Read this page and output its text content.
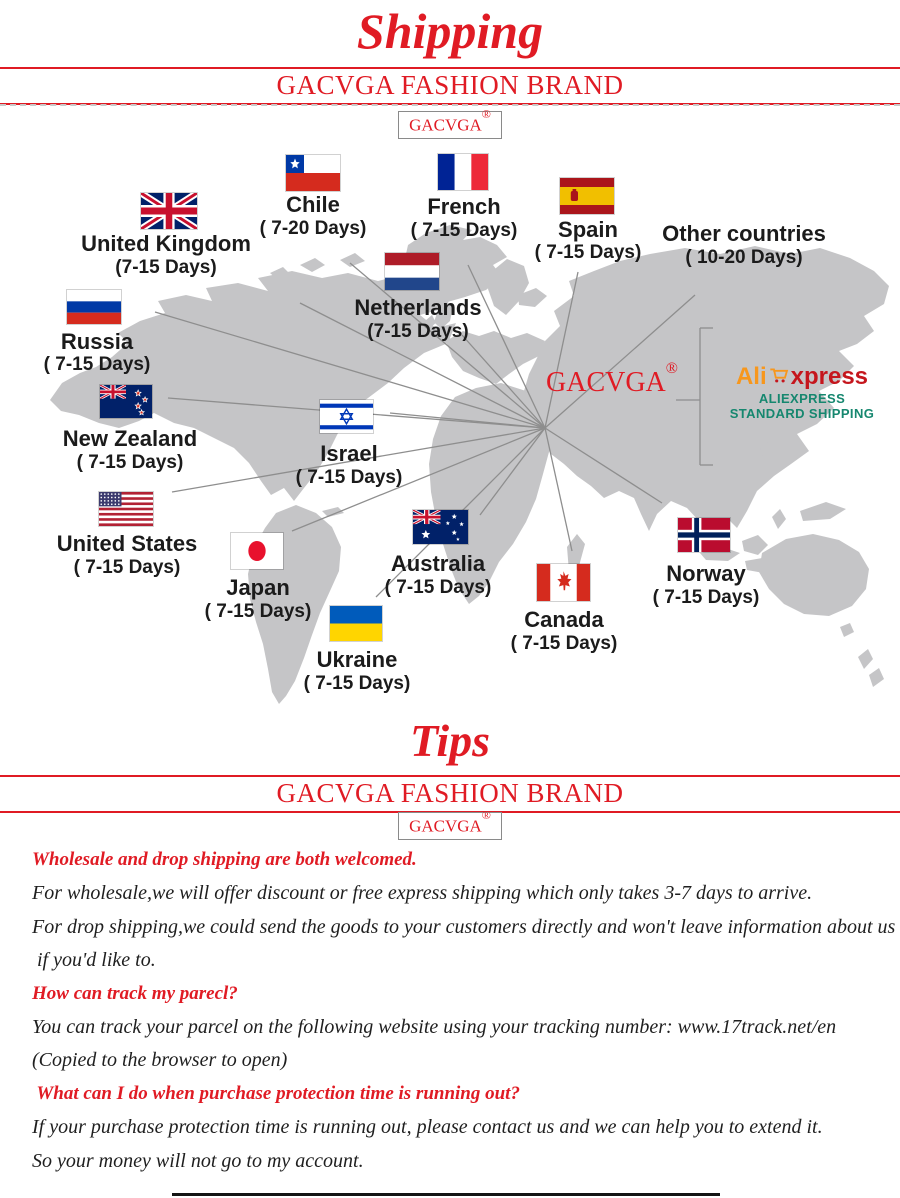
Shipping
GACVGA FASHION BRAND
GACVGA®
Chile
( 7-20 Days)
French
( 7-15 Days) Spain
( 7-15 Days)
Other countries
( 10-20 Days)
United Kingdom
(7-15 Days)
Netherlands
(7-15 Days)
Russia
( 7-15 Days)
New Zealand
( 7-15 Days)	Israel
( 7-15 Days)
United States
( 7-15 Days)
Japan
( 7-15 Days)
Australia
( 7-15 Days)
Canada
( 7-15 Days)
Norway
( 7-15 Days)
Ukraine
( 7-15 Days)
GACVGA® Ali xpress
ALIEXPRESS
STANDARD SHIPPING
Tips
GACVGA FASHION BRAND
GACVGA®
Wholesale and drop shipping are both welcomed.
For wholesale,we will offer discount or free express shipping which only takes 3-7 days to arrive.
For drop shipping,we could send the goods to your customers directly and won't leave information about us
if you'd like to.
How can track my parecl?
You can track your parcel on the following website using your tracking number: www.17track.net/en
(Copied to the browser to open)
What can I do when purchase protection time is running out?
If your purchase protection time is running out, please contact us and we can help you to extend it.
So your money will not go to my account.
